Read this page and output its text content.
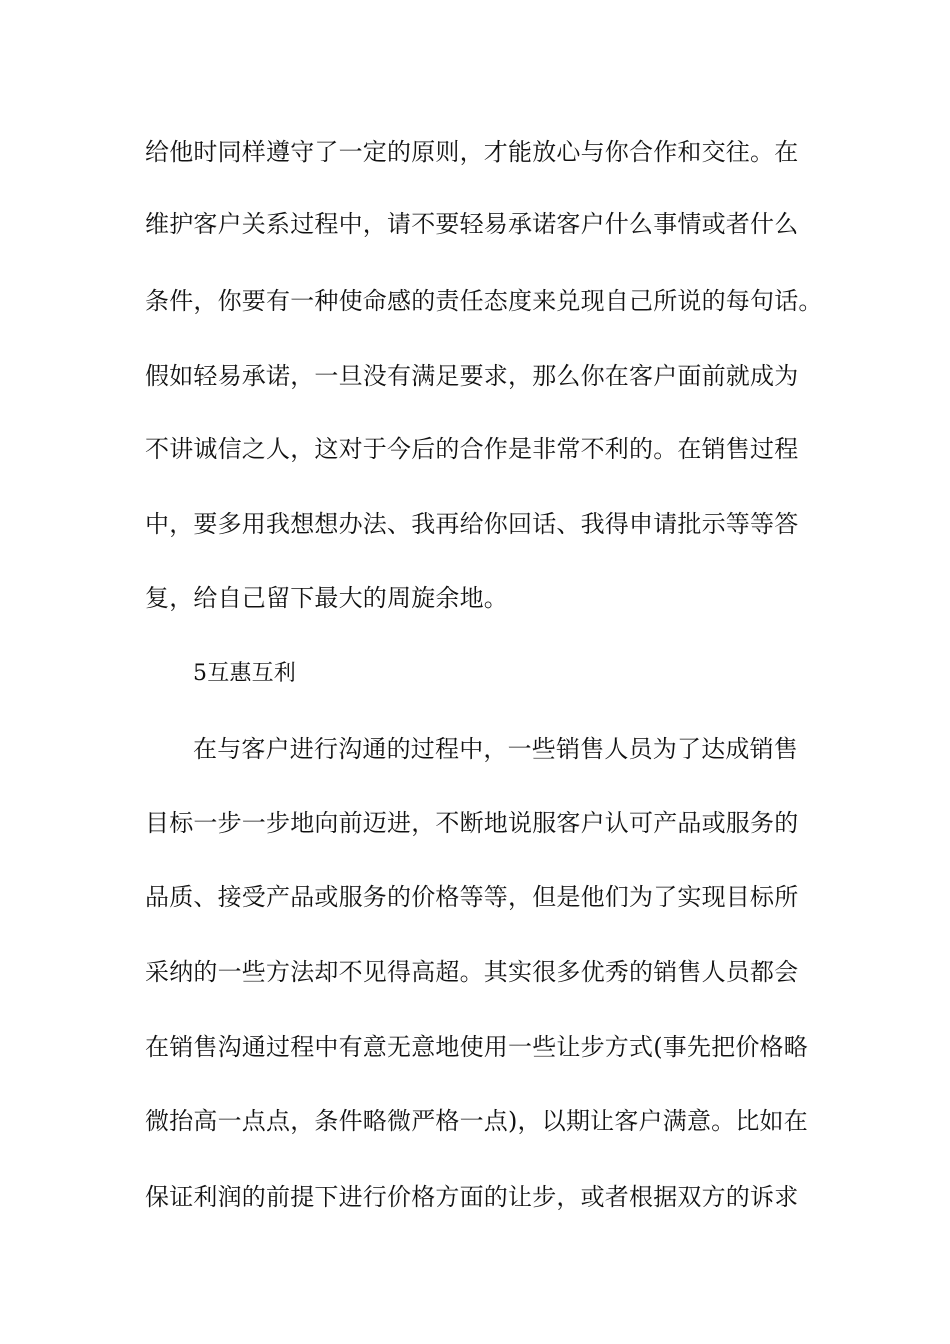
给他时同样遵守了一定的原则，才能放心与你合作和交往。在
维护客户关系过程中，请不要轻易承诺客户什么事情或者什么
条件，你要有一种使命感的责任态度来兑现自己所说的每句话。
假如轻易承诺，一旦没有满足要求，那么你在客户面前就成为
不讲诚信之人，这对于今后的合作是非常不利的。在销售过程
中，要多用我想想办法、我再给你回话、我得申请批示等等答
复，给自己留下最大的周旋余地。
5互惠互利
在与客户进行沟通的过程中，一些销售人员为了达成销售
目标一步一步地向前迈进，不断地说服客户认可产品或服务的
品质、接受产品或服务的价格等等，但是他们为了实现目标所
采纳的一些方法却不见得高超。其实很多优秀的销售人员都会
在销售沟通过程中有意无意地使用一些让步方式(事先把价格略
微抬高一点点，条件略微严格一点)，以期让客户满意。比如在
保证利润的前提下进行价格方面的让步，或者根据双方的诉求
